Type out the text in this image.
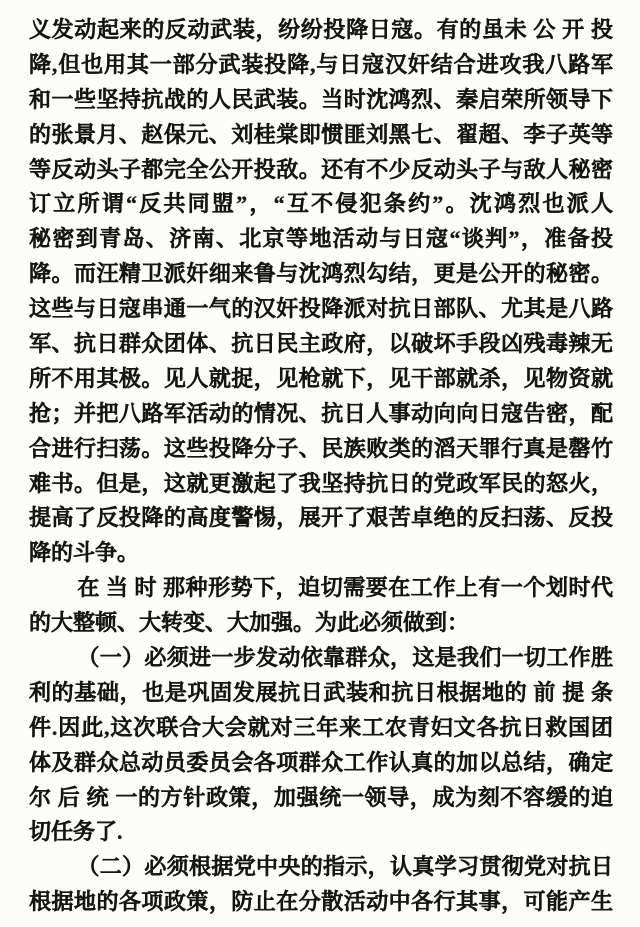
义发动起来的反动武装，纷纷投降日寇。有的虽未 公 开 投
降,但也用其一部分武装投降,与日寇汉奸结合进攻我八路军
和一些坚持抗战的人民武装。当时沈鸿烈、秦启荣所领导下
的张景月、赵保元、刘桂棠即惯匪刘黑七、翟超、李子英等
等反动头子都完全公开投敌。还有不少反动头子与敌人秘密
订立所谓“反共同盟”，“互不侵犯条约”。沈鸿烈也派人
秘密到青岛、济南、北京等地活动与日寇“谈判”，准备投
降。而汪精卫派奸细来鲁与沈鸿烈勾结，更是公开的秘密。
这些与日寇串通一气的汉奸投降派对抗日部队、尤其是八路
军、抗日群众团体、抗日民主政府，以破坏手段凶残毒辣无
所不用其极。见人就捉，见枪就下，见干部就杀，见物资就
抢；并把八路军活动的情况、抗日人事动向向日寇告密，配
合进行扫荡。这些投降分子、民族败类的滔天罪行真是罄竹
难书。但是，这就更激起了我坚持抗日的党政军民的怒火，
提高了反投降的高度警惕，展开了艰苦卓绝的反扫荡、反投
降的斗争。
在 当 时 那种形势下，迫切需要在工作上有一个划时代
的大整顿、大转变、大加强。为此必须做到：
（一）必须进一步发动依靠群众，这是我们一切工作胜
利的基础，也是巩固发展抗日武装和抗日根据地的 前 提 条
件.因此,这次联合大会就对三年来工农青妇文各抗日救国团
体及群众总动员委员会各项群众工作认真的加以总结，确定
尔 后 统 一的方针政策，加强统一领导，成为刻不容缓的迫
切任务了.
（二）必须根据党中央的指示，认真学习贯彻党对抗日
根据地的各项政策，防止在分散活动中各行其事，可能产生
